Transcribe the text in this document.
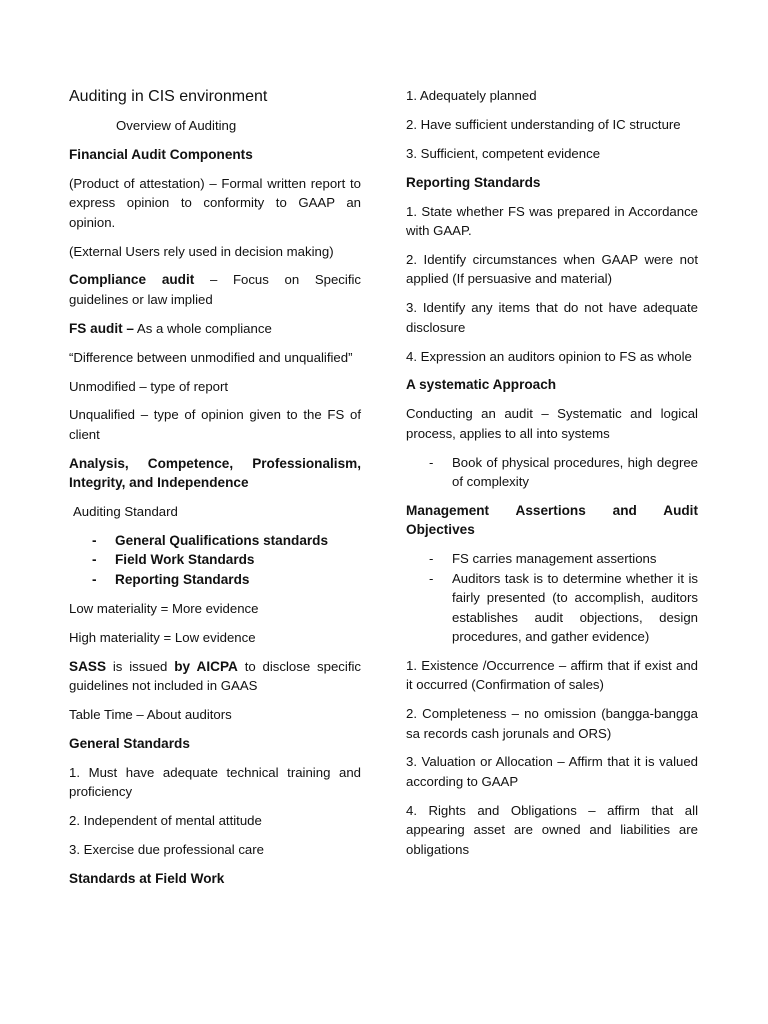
Auditing in CIS environment

Overview of Auditing

Financial Audit Components

(Product of attestation) – Formal written report to express opinion to conformity to GAAP an opinion.

(External Users rely used in decision making)

Compliance audit – Focus on Specific guidelines or law implied

FS audit – As a whole compliance

“Difference between unmodified and unqualified”

Unmodified – type of report

Unqualified – type of opinion given to the FS of client

Analysis, Competence, Professionalism, Integrity, and Independence

Auditing Standard

- General Qualifications standards
- Field Work Standards
- Reporting Standards

Low materiality = More evidence

High materiality = Low evidence

SASS is issued by AICPA to disclose specific guidelines not included in GAAS

Table Time – About auditors

General Standards

1. Must have adequate technical training and proficiency

2. Independent of mental attitude

3. Exercise due professional care

Standards at Field Work

1. Adequately planned

2. Have sufficient understanding of IC structure

3. Sufficient, competent evidence

Reporting Standards

1. State whether FS was prepared in Accordance with GAAP.

2. Identify circumstances when GAAP were not applied (If persuasive and material)

3. Identify any items that do not have adequate disclosure

4. Expression an auditors opinion to FS as whole

A systematic Approach

Conducting an audit – Systematic and logical process, applies to all into systems

- Book of physical procedures, high degree of complexity

Management Assertions and Audit Objectives

- FS carries management assertions
- Auditors task is to determine whether it is fairly presented (to accomplish, auditors establishes audit objections, design procedures, and gather evidence)

1. Existence /Occurrence – affirm that if exist and it occurred (Confirmation of sales)

2. Completeness – no omission (bangga-bangga sa records cash jorunals and ORS)

3. Valuation or Allocation – Affirm that it is valued according to GAAP

4. Rights and Obligations – affirm that all appearing asset are owned and liabilities are obligations
